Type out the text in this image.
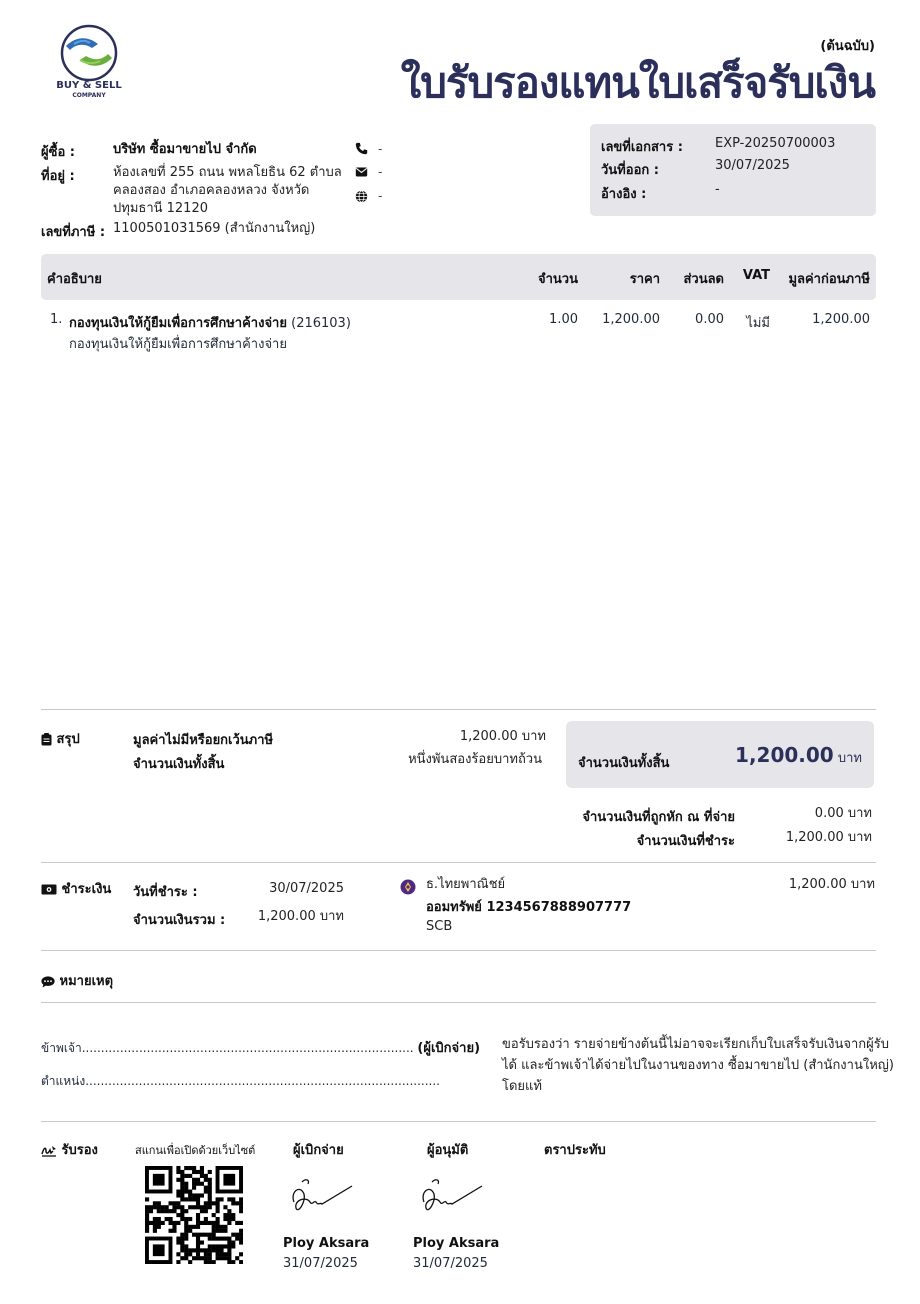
BUY & SELL
COMPANY
(ต้นฉบับ)
ใบรับรองแทนใบเสร็จรับเงิน
ผู้ซื้อ :	บริษัท ซื้อมาขายไป จำกัด
ที่อยู่ :	ห้องเลขที่ 255 ถนน พหลโยธิน 62 ตำบล
คลองสอง อำเภอคลองหลวง จังหวัด
ปทุมธานี 12120
เลขที่ภาษี : 1100501031569 (สำนักงานใหญ่)
-
-
-
เลขที่เอกสาร : EXP-20250700003
วันที่ออก :	30/07/2025
อ้างอิง :	-
คำอธิบาย	จำนวน	ราคา	ส่วนลด	VAT	มูลค่าก่อนภาษี
1. กองทุนเงินให้กู้ยืมเพื่อการศึกษาค้างจ่าย (216103)
กองทุนเงินให้กู้ยืมเพื่อการศึกษาค้างจ่าย
1.00	1,200.00	0.00	ไม่มี	1,200.00
สรุป	มูลค่าไม่มีหรือยกเว้นภาษี	1,200.00 บาท
จำนวนเงินทั้งสิ้น	หนึ่งพันสองร้อยบาทถ้วน	จำนวนเงินทั้งสิ้น	1,200.00 บาท
จำนวนเงินที่ถูกหัก ณ ที่จ่าย	0.00 บาท
จำนวนเงินที่ชำระ	1,200.00 บาท
ชำระเงิน วันที่ชำระ :	30/07/2025
จำนวนเงินรวม :	1,200.00 บาท
ธ.ไทยพาณิชย์
ออมทรัพย์ 1234567888907777
SCB
1,200.00 บาท
หมายเหตุ
ข้าพเจ้า....................................................................................... (ผู้เบิกจ่าย)
ตำแหน่ง.............................................................................................
ขอรับรองว่า รายจ่ายข้างต้นนี้ไม่อาจจะเรียกเก็บใบเสร็จรับเงินจากผู้รับ
ได้ และข้าพเจ้าได้จ่ายไปในงานของทาง ซื้อมาขายไป (สำนักงานใหญ่)
โดยแท้
รับรอง	สแกนเพื่อเปิดด้วยเว็บไซต์	ผู้เบิกจ่าย
Ploy Aksara
31/07/2025
ผู้อนุมัติ
Ploy Aksara
31/07/2025
ตราประทับ
